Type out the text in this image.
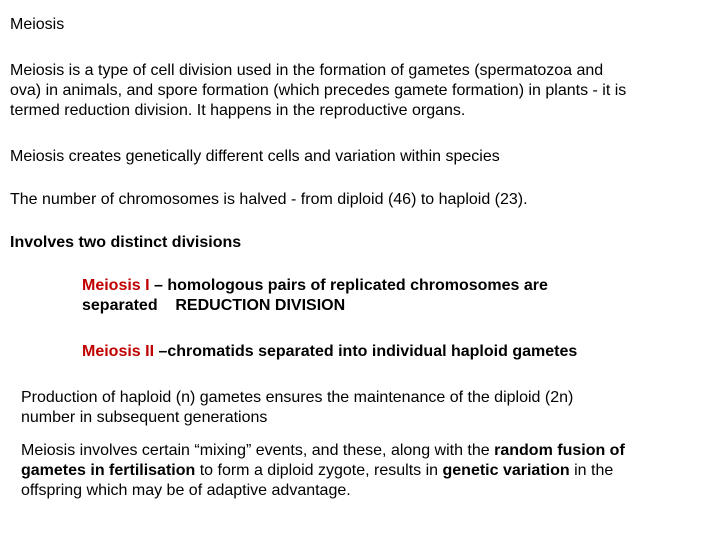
Meiosis
Meiosis is a type of cell division used in the formation of gametes (spermatozoa and
ova) in animals, and spore formation (which precedes gamete formation) in plants - it is
termed reduction division. It happens in the reproductive organs.
Meiosis creates genetically different cells and variation within species
The number of chromosomes is halved - from diploid (46) to haploid (23).
Involves two distinct divisions
Meiosis I – homologous pairs of replicated chromosomes are
separated    REDUCTION DIVISION
Meiosis II –chromatids separated into individual haploid gametes
Production of haploid (n) gametes ensures the maintenance of the diploid (2n)
number in subsequent generations
Meiosis involves certain “mixing” events, and these, along with the random fusion of
gametes in fertilisation to form a diploid zygote, results in genetic variation in the
offspring which may be of adaptive advantage.
